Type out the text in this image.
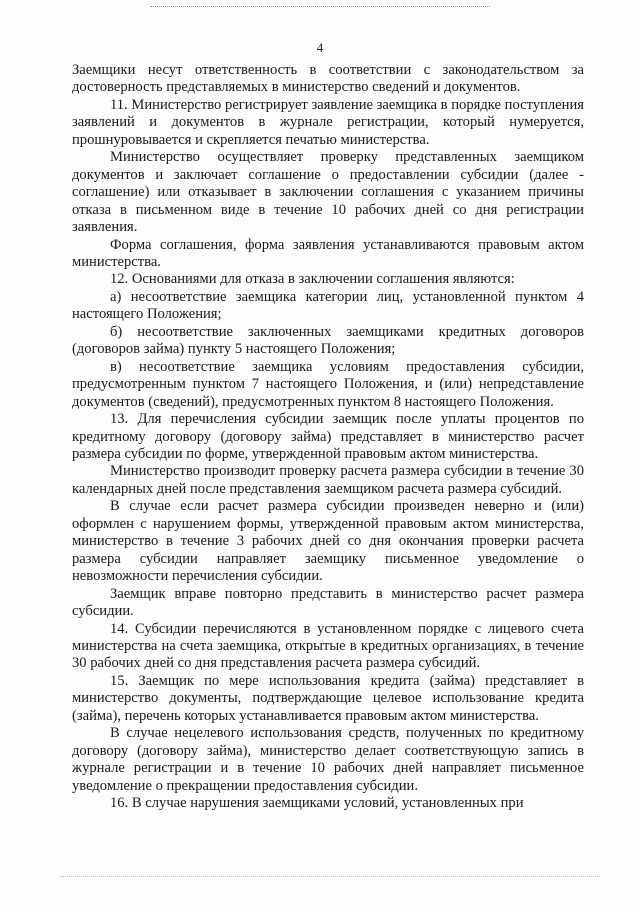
4

Заемщики несут ответственность в соответствии с законодательством за достоверность представляемых в министерство сведений и документов.

11. Министерство регистрирует заявление заемщика в порядке поступления заявлений и документов в журнале регистрации, который нумеруется, прошнуровывается и скрепляется печатью министерства.

Министерство осуществляет проверку представленных заемщиком документов и заключает соглашение о предоставлении субсидии (далее - соглашение) или отказывает в заключении соглашения с указанием причины отказа в письменном виде в течение 10 рабочих дней со дня регистрации заявления.

Форма соглашения, форма заявления устанавливаются правовым актом министерства.

12. Основаниями для отказа в заключении соглашения являются:

а) несоответствие заемщика категории лиц, установленной пунктом 4 настоящего Положения;

б) несоответствие заключенных заемщиками кредитных договоров (договоров займа) пункту 5 настоящего Положения;

в) несоответствие заемщика условиям предоставления субсидии, предусмотренным пунктом 7 настоящего Положения, и (или) непредставление документов (сведений), предусмотренных пунктом 8 настоящего Положения.

13. Для перечисления субсидии заемщик после уплаты процентов по кредитному договору (договору займа) представляет в министерство расчет размера субсидии по форме, утвержденной правовым актом министерства.

Министерство производит проверку расчета размера субсидии в течение 30 календарных дней после представления заемщиком расчета размера субсидий.

В случае если расчет размера субсидии произведен неверно и (или) оформлен с нарушением формы, утвержденной правовым актом министерства, министерство в течение 3 рабочих дней со дня окончания проверки расчета размера субсидии направляет заемщику письменное уведомление о невозможности перечисления субсидии.

Заемщик вправе повторно представить в министерство расчет размера субсидии.

14. Субсидии перечисляются в установленном порядке с лицевого счета министерства на счета заемщика, открытые в кредитных организациях, в течение 30 рабочих дней со дня представления расчета размера субсидий.

15. Заемщик по мере использования кредита (займа) представляет в министерство документы, подтверждающие целевое использование кредита (займа), перечень которых устанавливается правовым актом министерства.

В случае нецелевого использования средств, полученных по кредитному договору (договору займа), министерство делает соответствующую запись в журнале регистрации и в течение 10 рабочих дней направляет письменное уведомление о прекращении предоставления субсидии.

16. В случае нарушения заемщиками условий, установленных при
